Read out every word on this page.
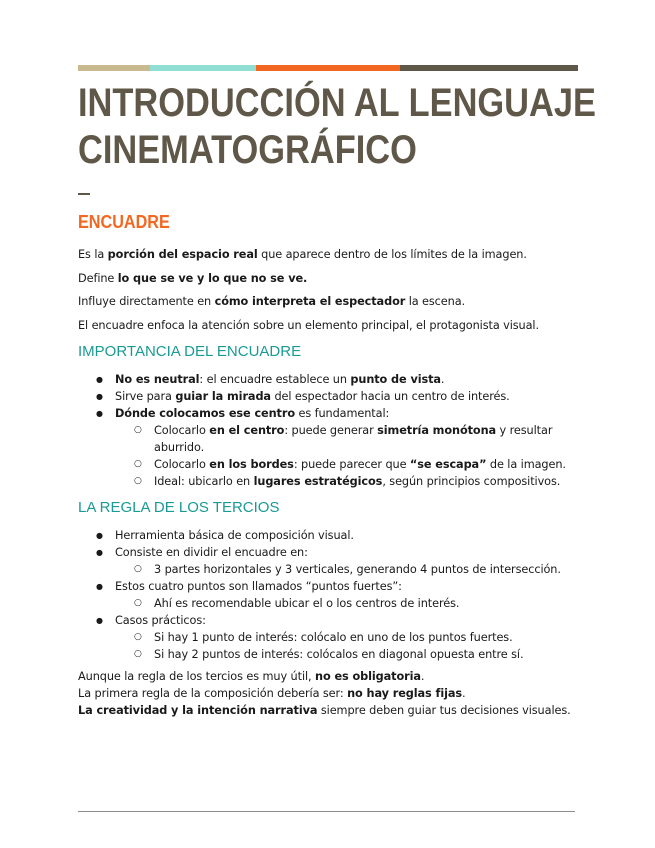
INTRODUCCIÓN AL LENGUAJE
CINEMATOGRÁFICO
ENCUADRE

Es la porción del espacio real que aparece dentro de los límites de la imagen.

Define lo que se ve y lo que no se ve.

Influye directamente en cómo interpreta el espectador la escena.

El encuadre enfoca la atención sobre un elemento principal, el protagonista visual.

IMPORTANCIA DEL ENCUADRE
● No es neutral: el encuadre establece un punto de vista.
● Sirve para guiar la mirada del espectador hacia un centro de interés.
● Dónde colocamos ese centro es fundamental:
○ Colocarlo en el centro: puede generar simetría monótona y resultar
aburrido.
○ Colocarlo en los bordes: puede parecer que “se escapa” de la imagen.
○ Ideal: ubicarlo en lugares estratégicos, según principios compositivos.
LA REGLA DE LOS TERCIOS
● Herramienta básica de composición visual.
● Consiste en dividir el encuadre en:
○ 3 partes horizontales y 3 verticales, generando 4 puntos de intersección.
● Estos cuatro puntos son llamados “puntos fuertes”:
○ Ahí es recomendable ubicar el o los centros de interés.
● Casos prácticos:
○ Si hay 1 punto de interés: colócalo en uno de los puntos fuertes.
○ Si hay 2 puntos de interés: colócalos en diagonal opuesta entre sí.

Aunque la regla de los tercios es muy útil, no es obligatoria.

La primera regla de la composición debería ser: no hay reglas fijas.

La creatividad y la intención narrativa siempre deben guiar tus decisiones visuales.
